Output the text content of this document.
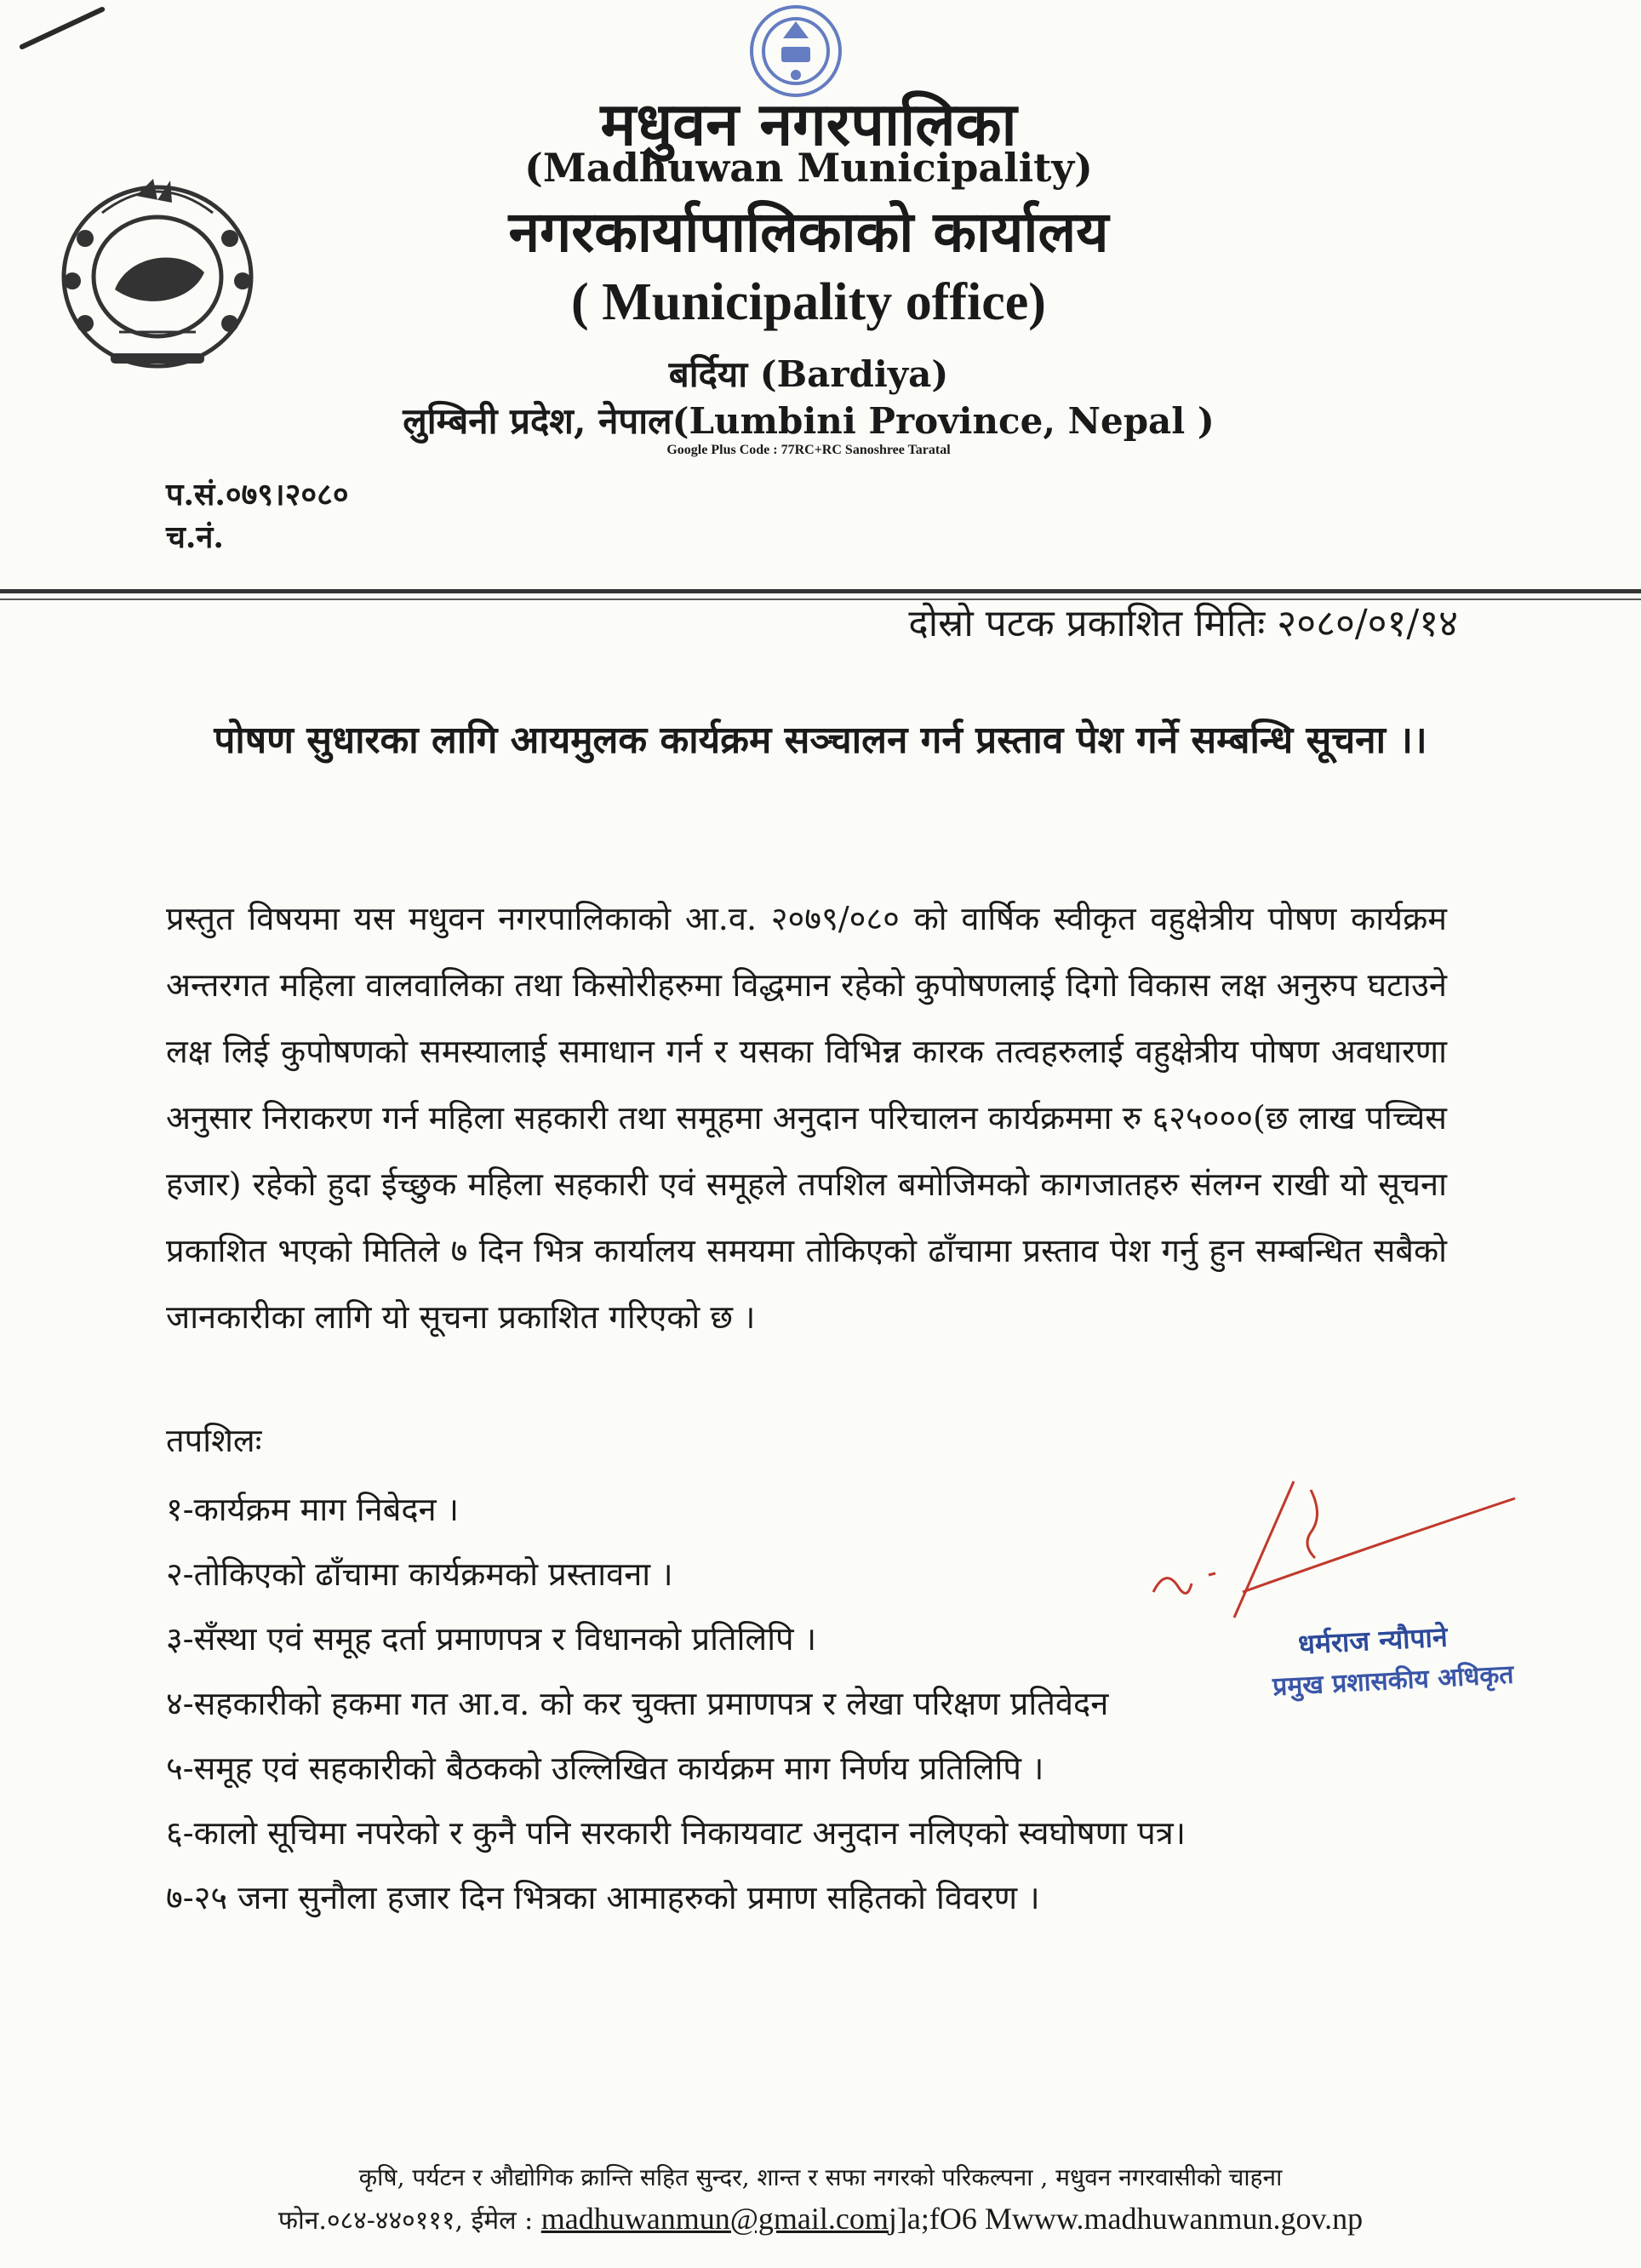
मधुवन नगरपालिका
(Madhuwan Municipality)
नगरकार्यापालिकाको कार्यालय
( Municipality office)
बर्दिया (Bardiya)
लुम्बिनी प्रदेश, नेपाल(Lumbini Province, Nepal )
Google Plus Code : 77RC+RC Sanoshree Taratal
प.सं.०७९।२०८०
च.नं.
दोस्रो पटक प्रकाशित मितिः २०८०/०१/१४
पोषण सुधारका लागि आयमुलक कार्यक्रम सञ्चालन गर्न प्रस्ताव पेश गर्ने सम्बन्धि सूचना ।।
प्रस्तुत विषयमा यस मधुवन नगरपालिकाको आ.व. २०७९/०८० को वार्षिक स्वीकृत वहुक्षेत्रीय पोषण कार्यक्रम अन्तरगत महिला वालवालिका तथा किसोरीहरुमा विद्धमान रहेको कुपोषणलाई दिगो विकास लक्ष अनुरुप घटाउने लक्ष लिई कुपोषणको समस्यालाई समाधान गर्न र यसका विभिन्न कारक तत्वहरुलाई वहुक्षेत्रीय पोषण अवधारणा अनुसार निराकरण गर्न महिला सहकारी तथा समूहमा अनुदान परिचालन कार्यक्रममा रु ६२५०००(छ लाख पच्चिस हजार) रहेको हुदा ईच्छुक महिला सहकारी एवं समूहले तपशिल बमोजिमको कागजातहरु संलग्न राखी यो सूचना प्रकाशित भएको मितिले ७ दिन भित्र कार्यालय समयमा तोकिएको ढाँचामा प्रस्ताव पेश गर्नु हुन सम्बन्धित सबैको जानकारीका लागि यो सूचना प्रकाशित गरिएको छ ।
तपशिलः
१-कार्यक्रम माग निबेदन ।
२-तोकिएको ढाँचामा कार्यक्रमको प्रस्तावना ।
३-सँस्था एवं समूह दर्ता प्रमाणपत्र र विधानको प्रतिलिपि ।
४-सहकारीको हकमा गत आ.व. को कर चुक्ता प्रमाणपत्र र लेखा परिक्षण प्रतिवेदन
५-समूह एवं सहकारीको बैठकको उल्लिखित कार्यक्रम माग निर्णय प्रतिलिपि ।
६-कालो सूचिमा नपरेको र कुनै पनि सरकारी निकायवाट अनुदान नलिएको स्वघोषणा पत्र।
७-२५ जना सुनौला हजार दिन भित्रका आमाहरुको प्रमाण सहितको विवरण ।
धर्मराज न्यौपाने
प्रमुख प्रशासकीय अधिकृत
कृषि, पर्यटन र औद्योगिक क्रान्ति सहित सुन्दर, शान्त र सफा नगरको परिकल्पना , मधुवन नगरवासीको चाहना
फोन.०८४-४४०१११, ईमेल : madhuwanmun@gmail.comj]a;fO6 Mwww.madhuwanmun.gov.np
